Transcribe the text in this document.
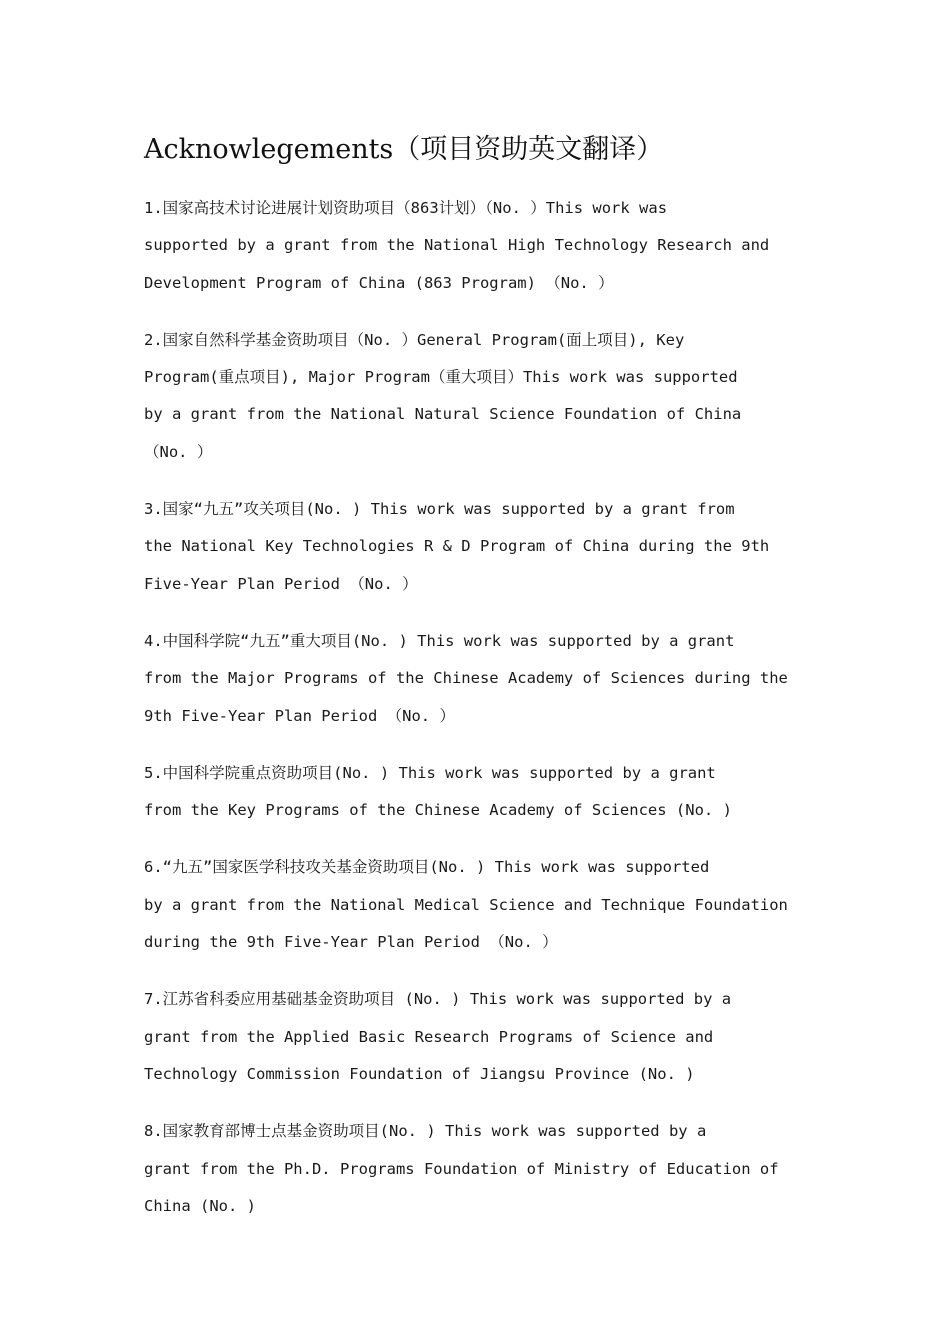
Acknowlegements（项目资助英文翻译）

1.国家高技术讨论进展计划资助项目（863计划）（No. ）This work was
supported by a grant from the National High Technology Research and
Development Program of China (863 Program) （No. ）

2.国家自然科学基金资助项目（No. ）General Program(面上项目), Key
Program(重点项目), Major Program（重大项目）This work was supported
by a grant from the National Natural Science Foundation of China
（No. ）

3.国家“九五”攻关项目(No. ) This work was supported by a grant from
the National Key Technologies R & D Program of China during the 9th
Five-Year Plan Period （No. ）

4.中国科学院“九五”重大项目(No. ) This work was supported by a grant
from the Major Programs of the Chinese Academy of Sciences during the
9th Five-Year Plan Period （No. ）

5.中国科学院重点资助项目(No. ) This work was supported by a grant
from the Key Programs of the Chinese Academy of Sciences (No. )

6.“九五”国家医学科技攻关基金资助项目(No. ) This work was supported
by a grant from the National Medical Science and Technique Foundation
during the 9th Five-Year Plan Period （No. ）

7.江苏省科委应用基础基金资助项目 (No. ) This work was supported by a
grant from the Applied Basic Research Programs of Science and
Technology Commission Foundation of Jiangsu Province (No. )

8.国家教育部博士点基金资助项目(No. ) This work was supported by a
grant from the Ph.D. Programs Foundation of Ministry of Education of
China (No. )
